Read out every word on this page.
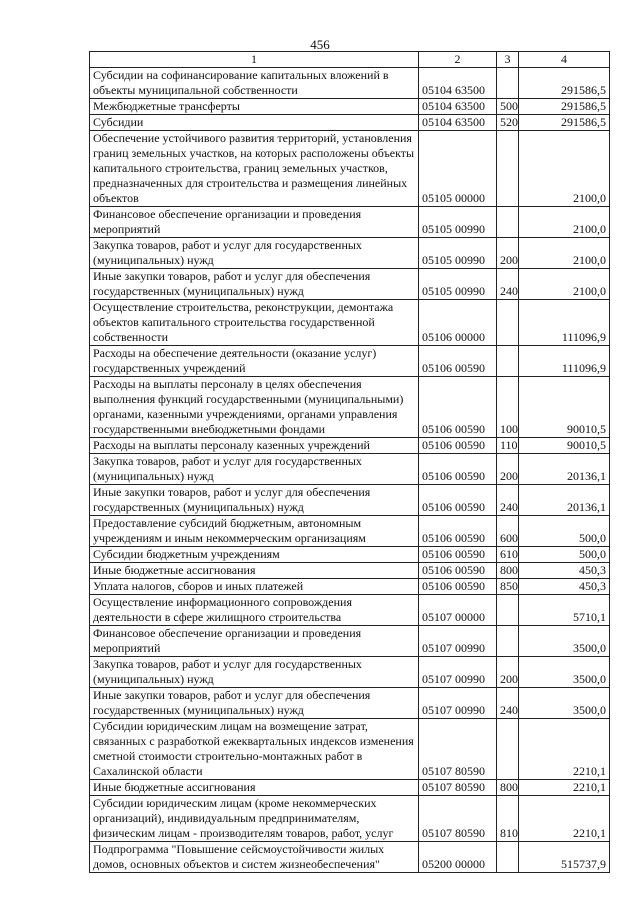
456
1	2	3	4
Субсидии на софинансирование капитальных вложений в объекты муниципальной собственности	05104 63500		291586,5
Межбюджетные трансферты	05104 63500	500	291586,5
Субсидии	05104 63500	520	291586,5
Обеспечение устойчивого развития территорий, установления границ земельных участков, на которых расположены объекты капитального строительства, границ земельных участков, предназначенных для строительства и размещения линейных объектов	05105 00000		2100,0
Финансовое обеспечение организации и проведения мероприятий	05105 00990		2100,0
Закупка товаров, работ и услуг для государственных (муниципальных) нужд	05105 00990	200	2100,0
Иные закупки товаров, работ и услуг для обеспечения государственных (муниципальных) нужд	05105 00990	240	2100,0
Осуществление строительства, реконструкции, демонтажа объектов капитального строительства государственной собственности	05106 00000		111096,9
Расходы на обеспечение деятельности (оказание услуг) государственных учреждений	05106 00590		111096,9
Расходы на выплаты персоналу в целях обеспечения выполнения функций государственными (муниципальными) органами, казенными учреждениями, органами управления государственными внебюджетными фондами	05106 00590	100	90010,5
Расходы на выплаты персоналу казенных учреждений	05106 00590	110	90010,5
Закупка товаров, работ и услуг для государственных (муниципальных) нужд	05106 00590	200	20136,1
Иные закупки товаров, работ и услуг для обеспечения государственных (муниципальных) нужд	05106 00590	240	20136,1
Предоставление субсидий бюджетным, автономным учреждениям и иным некоммерческим организациям	05106 00590	600	500,0
Субсидии бюджетным учреждениям	05106 00590	610	500,0
Иные бюджетные ассигнования	05106 00590	800	450,3
Уплата налогов, сборов и иных платежей	05106 00590	850	450,3
Осуществление информационного сопровождения деятельности в сфере жилищного строительства	05107 00000		5710,1
Финансовое обеспечение организации и проведения мероприятий	05107 00990		3500,0
Закупка товаров, работ и услуг для государственных (муниципальных) нужд	05107 00990	200	3500,0
Иные закупки товаров, работ и услуг для обеспечения государственных (муниципальных) нужд	05107 00990	240	3500,0
Субсидии юридическим лицам на возмещение затрат, связанных с разработкой ежеквартальных индексов изменения сметной стоимости строительно-монтажных работ в Сахалинской области	05107 80590		2210,1
Иные бюджетные ассигнования	05107 80590	800	2210,1
Субсидии юридическим лицам (кроме некоммерческих организаций), индивидуальным предпринимателям, физическим лицам - производителям товаров, работ, услуг	05107 80590	810	2210,1
Подпрограмма "Повышение сейсмоустойчивости жилых домов, основных объектов и систем жизнеобеспечения"	05200 00000		515737,9
